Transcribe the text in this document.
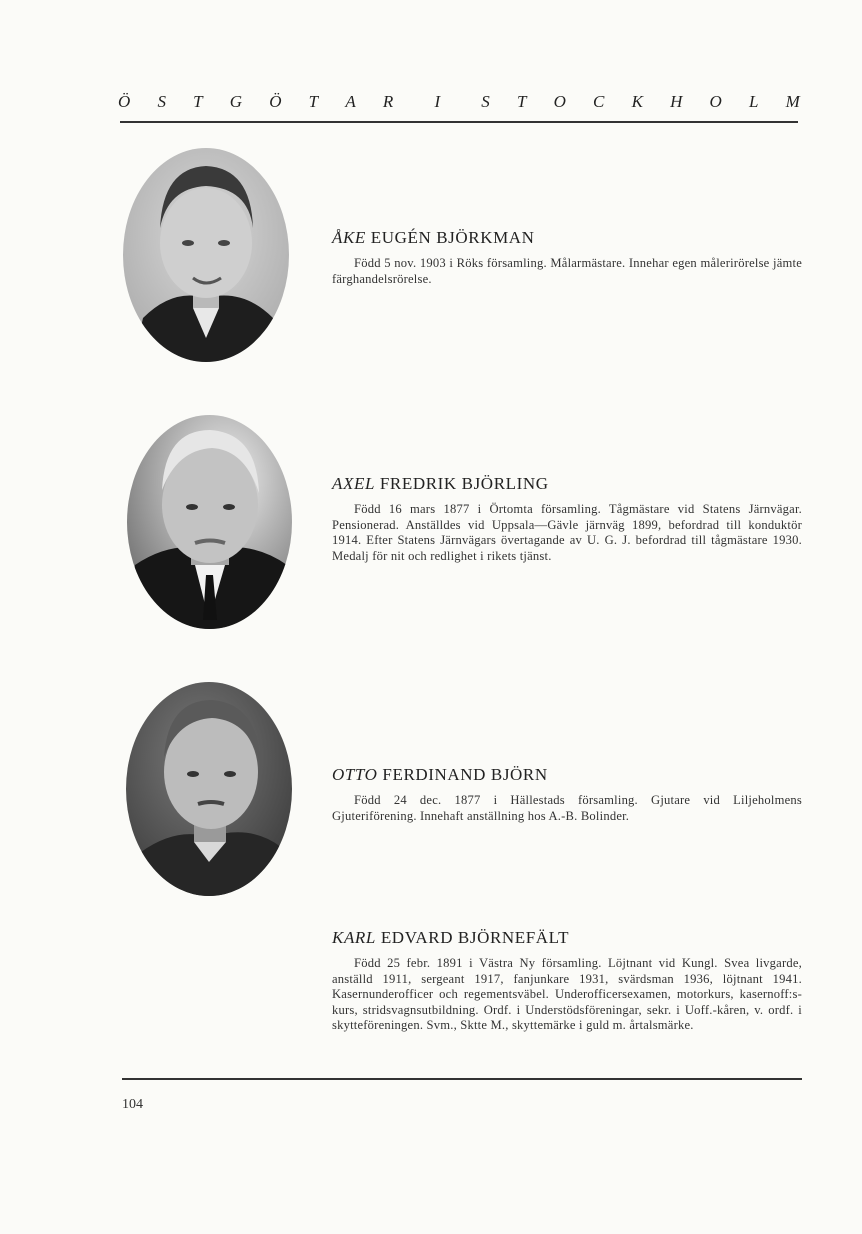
Ö S T G Ö T A R I S T O C K H O L M

ÅKE EUGÉN BJÖRKMAN

Född 5 nov. 1903 i Röks församling. Målarmästare. Innehar egen målerirörelse jämte färghandelsrörelse.

AXEL FREDRIK BJÖRLING

Född 16 mars 1877 i Örtomta församling. Tågmästare vid Statens Järnvägar. Pensionerad. Anställdes vid Uppsala—Gävle järnväg 1899, befordrad till konduktör 1914. Efter Statens Järnvägars övertagande av U. G. J. befordrad till tågmästare 1930. Medalj för nit och redlighet i rikets tjänst.

OTTO FERDINAND BJÖRN

Född 24 dec. 1877 i Hällestads församling. Gjutare vid Liljeholmens Gjuteriförening. Innehaft anställning hos A.-B. Bolinder.

KARL EDVARD BJÖRNEFÄLT

Född 25 febr. 1891 i Västra Ny församling. Löjtnant vid Kungl. Svea livgarde, anställd 1911, sergeant 1917, fanjunkare 1931, svärdsman 1936, löjtnant 1941. Kasernunderofficer och regementsväbel. Underofficersexamen, motorkurs, kasernoff:s-kurs, stridsvagnsutbildning. Ordf. i Understödsföreningar, sekr. i Uoff.-kåren, v. ordf. i skytteföreningen. Svm., Sktte M., skyttemärke i guld m. årtalsmärke.

104
